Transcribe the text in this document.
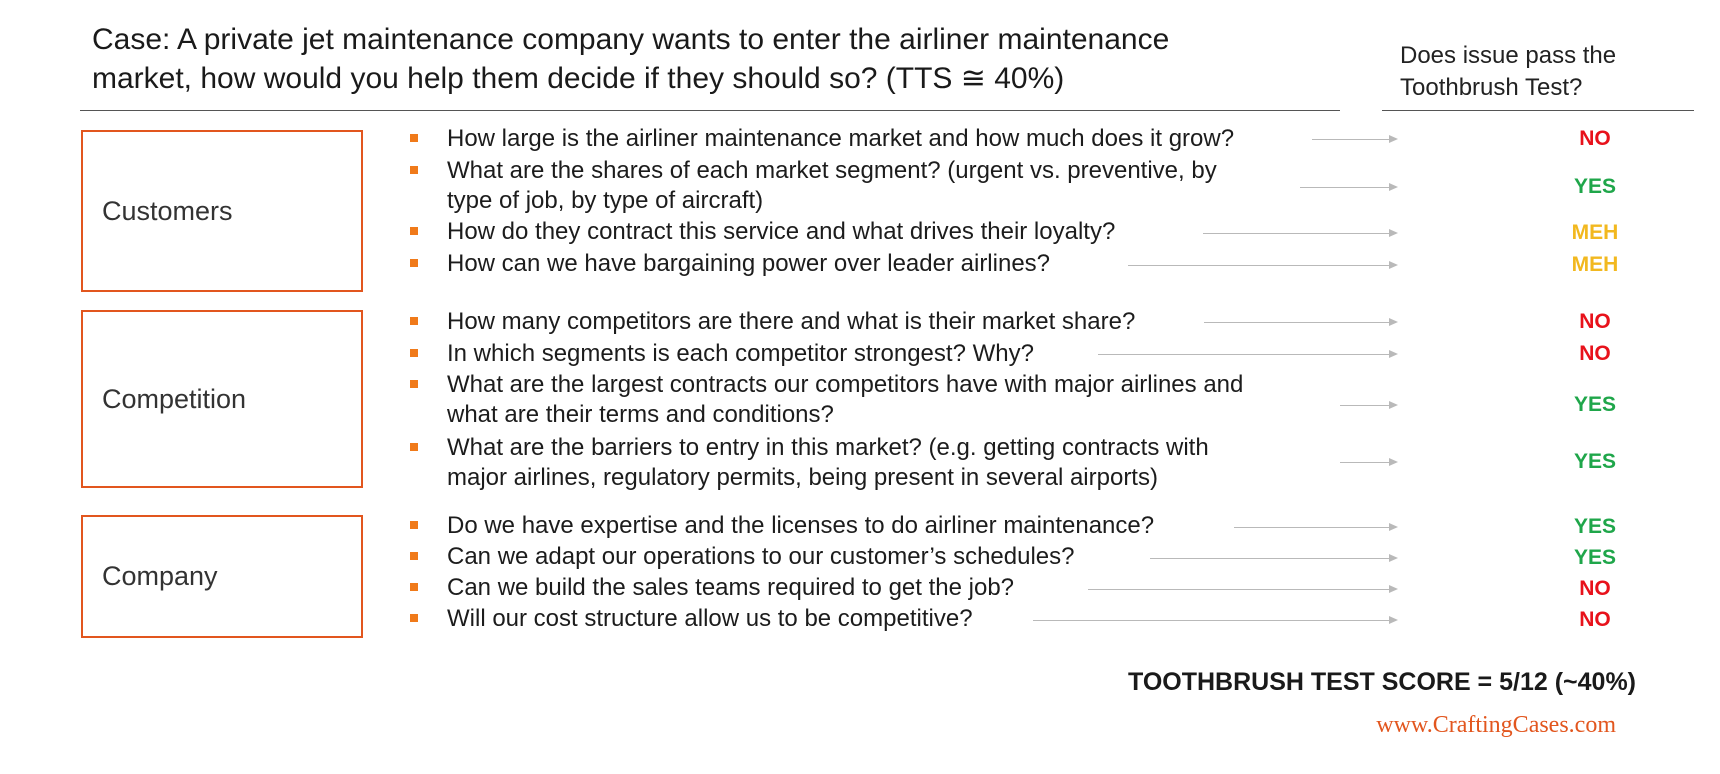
Case: A private jet maintenance company wants to enter the airliner maintenance
market, how would you help them decide if they should so? (TTS ≅ 40%)
Does issue pass the
Toothbrush Test?
Customers
Competition
Company
How large is the airliner maintenance market and how much does it grow?	NO
What are the shares of each market segment? (urgent vs. preventive, by
type of job, by type of aircraft)
YES
How do they contract this service and what drives their loyalty?	MEH
How can we have bargaining power over leader airlines?	MEH
How many competitors are there and what is their market share?	NO
In which segments is each competitor strongest? Why?	NO
What are the largest contracts our competitors have with major airlines and
what are their terms and conditions?	YES
What are the barriers to entry in this market? (e.g. getting contracts with
major airlines, regulatory permits, being present in several airports)
YES
Do we have expertise and the licenses to do airliner maintenance?	YES
Can we adapt our operations to our customer’s schedules?	YES
Can we build the sales teams required to get the job?	NO
Will our cost structure allow us to be competitive?	NO
TOOTHBRUSH TEST SCORE = 5/12 (~40%)
www.CraftingCases.com
